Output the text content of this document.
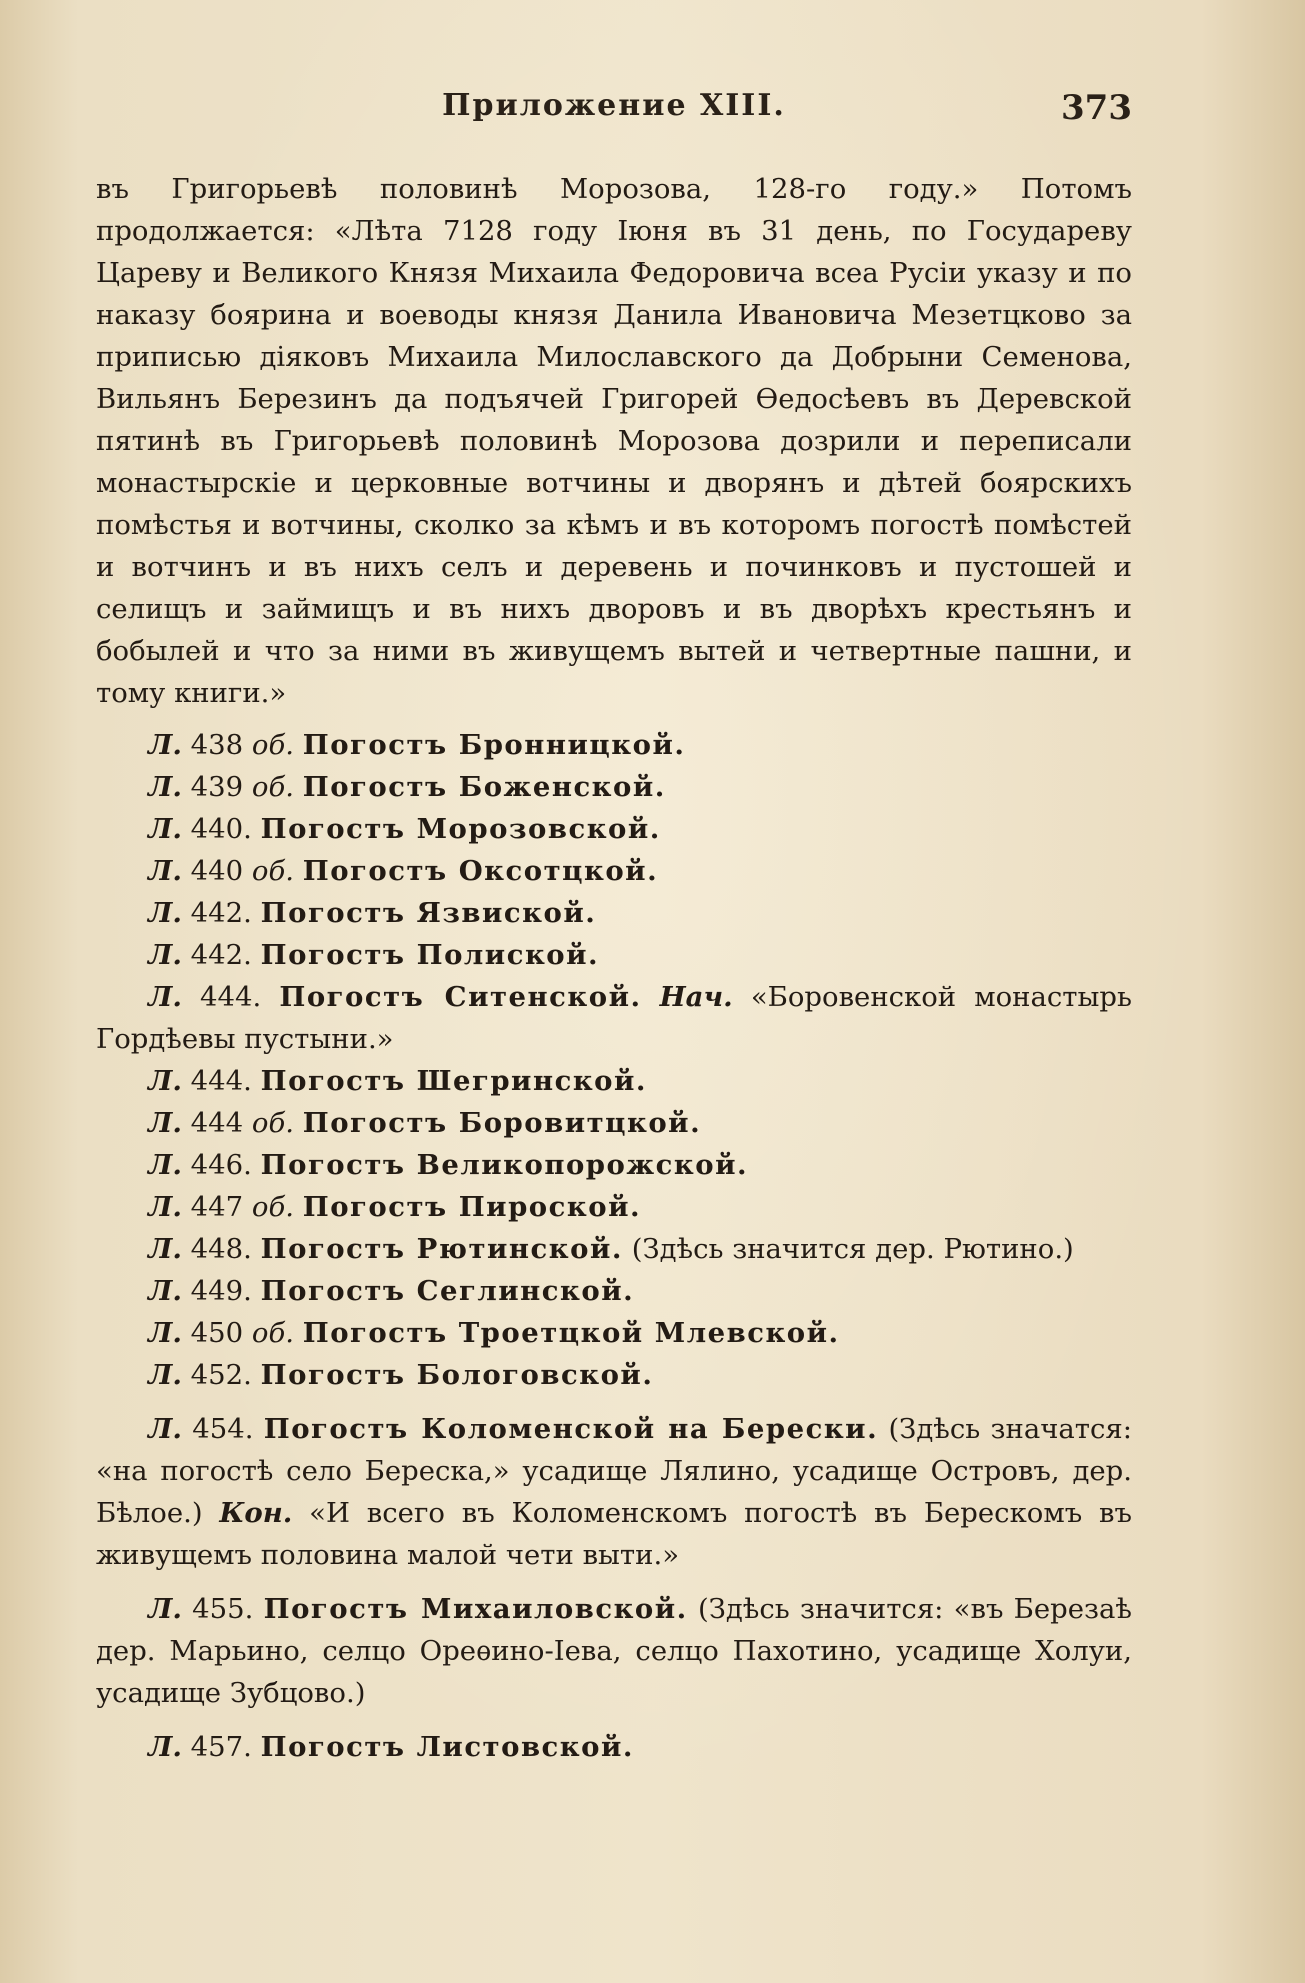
Приложение XIII.	373

въ Григорьевѣ половинѣ Морозова, 128-го году.» Потомъ продолжается: «Лѣта 7128 году Іюня въ 31 день, по Государеву Цареву и Великого Князя Михаила Федоровича всеа Русіи указу и по наказу боярина и воеводы князя Данила Ивановича Мезетцково за приписью діяковъ Михаила Милославского да Добрыни Семенова, Вильянъ Березинъ да подъячей Григорей Ѳедосѣевъ въ Деревской пятинѣ въ Григорьевѣ половинѣ Морозова дозрили и переписали монастырскіе и церковные вотчины и дворянъ и дѣтей боярскихъ помѣстья и вотчины, сколко за кѣмъ и въ которомъ погостѣ помѣстей и вотчинъ и въ нихъ селъ и деревень и починковъ и пустошей и селищъ и займищъ и въ нихъ дворовъ и въ дворѣхъ крестьянъ и бобылей и что за ними въ живущемъ вытей и четвертные пашни, и тому книги.»

Л. 438 об. Погостъ Бронницкой.

Л. 439 об. Погостъ Боженской.

Л. 440. Погостъ Морозовской.

Л. 440 об. Погостъ Оксотцкой.

Л. 442. Погостъ Язвиской.

Л. 442. Погостъ Полиской.

Л. 444. Погостъ Ситенской. Нач. «Боровенской монастырь Гордѣевы пустыни.»

Л. 444. Погостъ Шегринской.

Л. 444 об. Погостъ Боровитцкой.

Л. 446. Погостъ Великопорожской.

Л. 447 об. Погостъ Пироской.

Л. 448. Погостъ Рютинской. (Здѣсь значится дер. Рютино.)

Л. 449. Погостъ Сеглинской.

Л. 450 об. Погостъ Троетцкой Млевской.

Л. 452. Погостъ Бологовской.

Л. 454. Погостъ Коломенской на Берески. (Здѣсь значатся: «на погостѣ село Береска,» усадище Лялино, усадище Островъ, дер. Бѣлое.) Кон. «И всего въ Коломенскомъ погостѣ въ Берескомъ въ живущемъ половина малой чети выти.»

Л. 455. Погостъ Михаиловской. (Здѣсь значится: «въ Березаѣ дер. Марьино, селцо Ореѳино-Іева, селцо Пахотино, усадище Холуи, усадище Зубцово.)

Л. 457. Погостъ Листовской.
